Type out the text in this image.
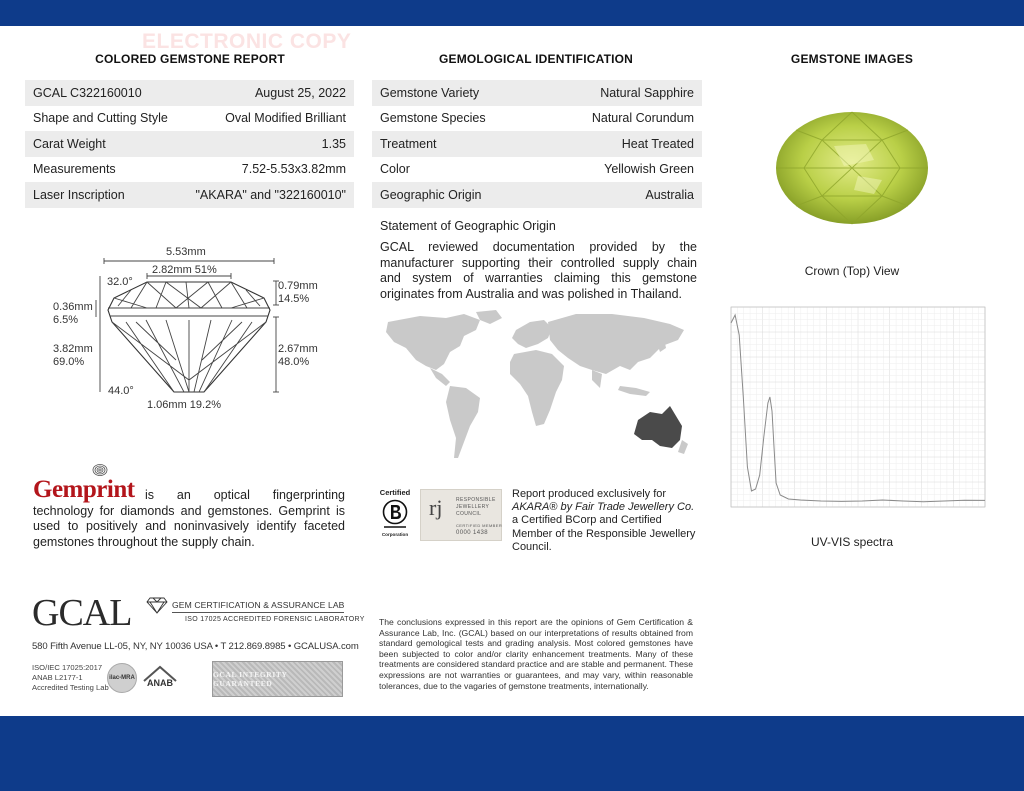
ELECTRONIC COPY
COLORED GEMSTONE REPORT	GEMOLOGICAL IDENTIFICATION	GEMSTONE IMAGES
GCAL C322160010	August 25, 2022
Shape and Cutting Style	Oval Modified Brilliant
Carat Weight	1.35
Measurements	7.52-5.53x3.82mm
Laser Inscription	"AKARA" and "322160010"
Gemstone Variety	Natural Sapphire
Gemstone Species	Natural Corundum
Treatment	Heat Treated
Color	Yellowish Green
Geographic Origin	Australia
5.53mm
2.82mm 51%
32.0°	0.79mm
14.5%
0.36mm
6.5%
3.82mm
69.0%
2.67mm
48.0%
44.0°
1.06mm 19.2%
Statement of Geographic Origin
GCAL reviewed documentation provided by the manufacturer supporting their controlled supply chain and system of warranties claiming this gemstone originates from Australia and was polished in Thailand.
Gemprint is an optical fingerprinting technology for diamonds and gemstones. Gemprint is used to positively and noninvasively identify faceted gemstones throughout the supply chain.
Certified
Corporation
rj	RESPONSIBLE
JEWELLERY
COUNCIL
CERTIFIED MEMBER
0000 1438
Report produced exclusively for
AKARA® by Fair Trade Jewellery Co.
a Certified BCorp and Certified Member of the Responsible Jewellery Council.
GCAL	GEM CERTIFICATION & ASSURANCE LAB
ISO 17025 ACCREDITED FORENSIC LABORATORY
580 Fifth Avenue LL-05, NY, NY 10036 USA • T 212.869.8985 • GCALUSA.com
ISO/IEC 17025:2017
ANAB L2177-1
Accredited Testing Lab
ilac-MRA	ANAB
GCAL INTEGRITY GUARANTEED
The conclusions expressed in this report are the opinions of Gem Certification & Assurance Lab, Inc. (GCAL) based on our interpretations of results obtained from standard gemological tests and grading analysis. Most colored gemstones have been subjected to color and/or clarity enhancement treatments. Many of these treatments are considered standard practice and are stable and permanent. These expressions are not warranties or guarantees, and may vary, within reasonable tolerances, due to the vagaries of gemstone treatments, internationally.
Crown (Top) View
UV-VIS spectra
